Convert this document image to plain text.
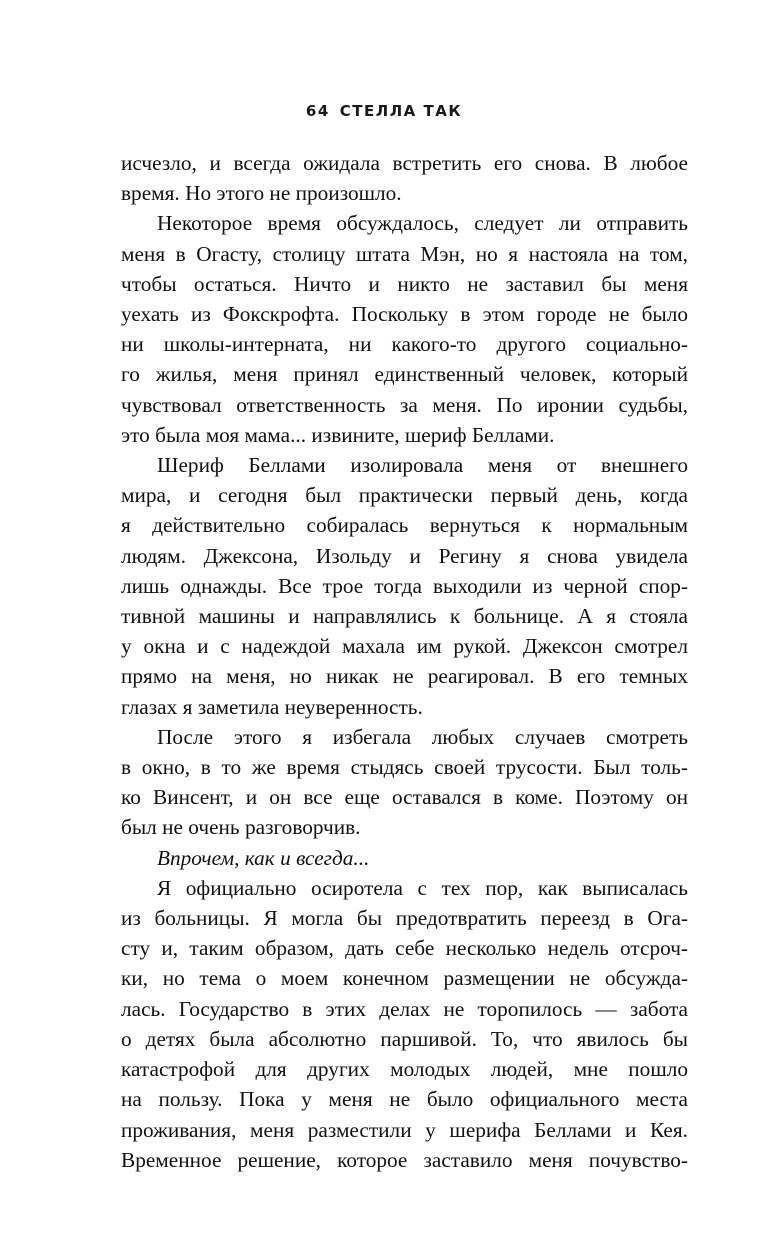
64 СТЕЛЛА ТАК
исчезло, и всегда ожидала встретить его снова. В любое
время. Но этого не произошло.
Некоторое время обсуждалось, следует ли отправить
меня в Огасту, столицу штата Мэн, но я настояла на том,
чтобы остаться. Ничто и никто не заставил бы меня
уехать из Фокскрофта. Поскольку в этом городе не было
ни школы-интерната, ни какого-то другого социально-
го жилья, меня принял единственный человек, который
чувствовал ответственность за меня. По иронии судьбы,
это была моя мама... извините, шериф Беллами.
Шериф Беллами изолировала меня от внешнего
мира, и сегодня был практически первый день, когда
я действительно собиралась вернуться к нормальным
людям. Джексона, Изольду и Регину я снова увидела
лишь однажды. Все трое тогда выходили из черной спор-
тивной машины и направлялись к больнице. А я стояла
у окна и с надеждой махала им рукой. Джексон смотрел
прямо на меня, но никак не реагировал. В его темных
глазах я заметила неуверенность.
После этого я избегала любых случаев смотреть
в окно, в то же время стыдясь своей трусости. Был толь-
ко Винсент, и он все еще оставался в коме. Поэтому он
был не очень разговорчив.
Впрочем, как и всегда...
Я официально осиротела с тех пор, как выписалась
из больницы. Я могла бы предотвратить переезд в Ога-
сту и, таким образом, дать себе несколько недель отсроч-
ки, но тема о моем конечном размещении не обсужда-
лась. Государство в этих делах не торопилось — забота
о детях была абсолютно паршивой. То, что явилось бы
катастрофой для других молодых людей, мне пошло
на пользу. Пока у меня не было официального места
проживания, меня разместили у шерифа Беллами и Кея.
Временное решение, которое заставило меня почувство-
